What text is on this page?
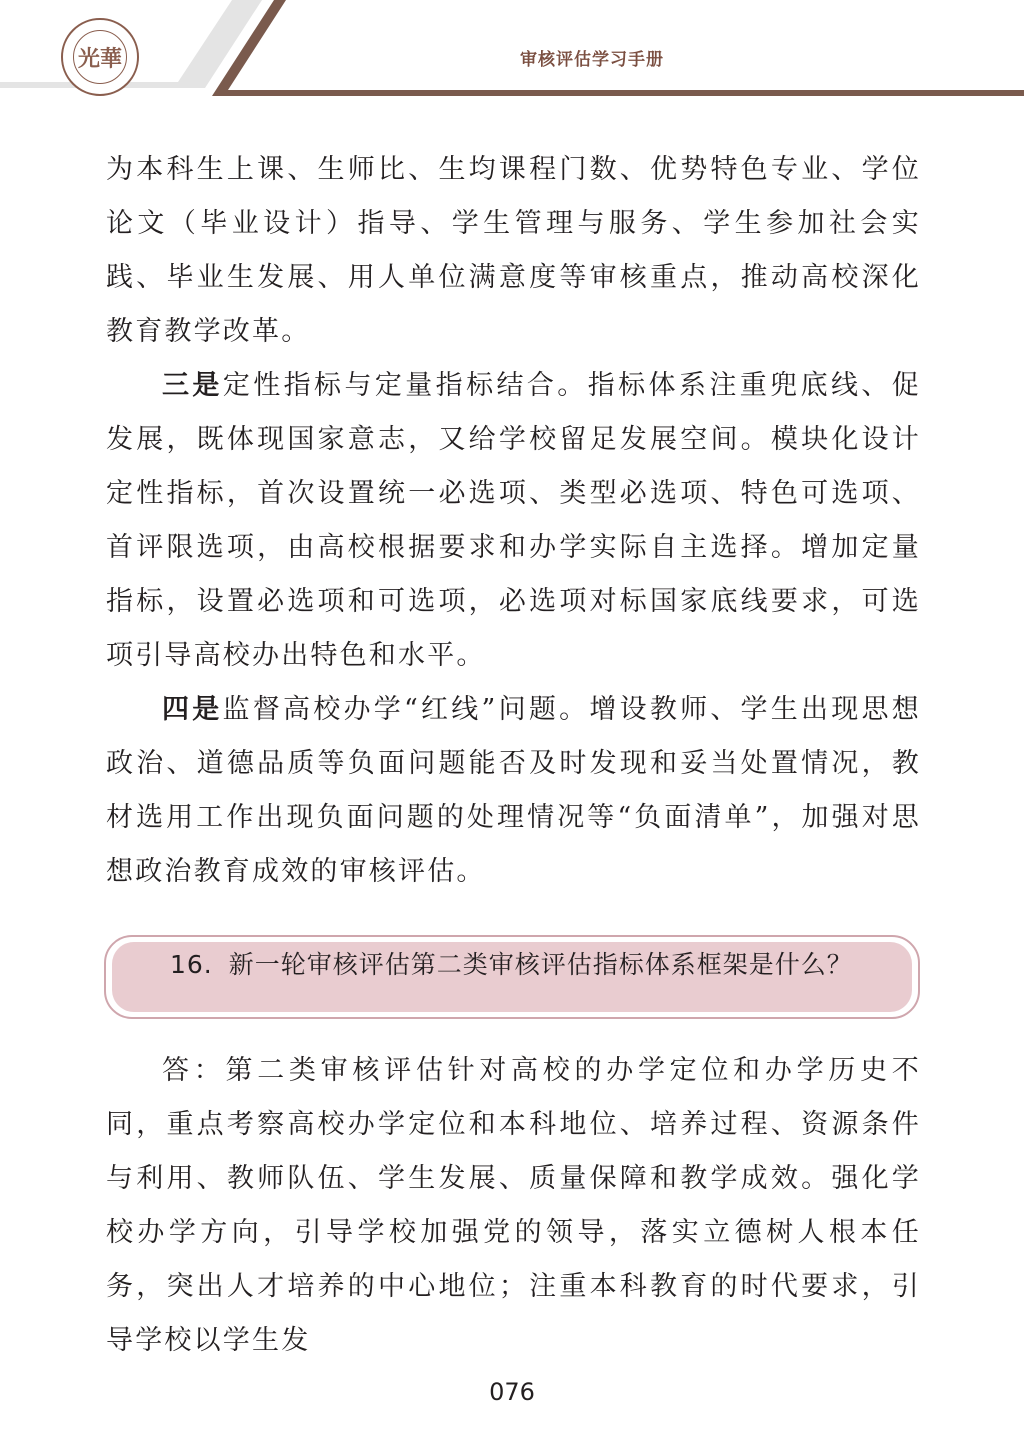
光華	审核评估学习手册

为本科生上课、生师比、生均课程门数、优势特色专业、学位论文（毕业设计）指导、学生管理与服务、学生参加社会实践、毕业生发展、用人单位满意度等审核重点，推动高校深化教育教学改革。

三是定性指标与定量指标结合。指标体系注重兜底线、促发展，既体现国家意志，又给学校留足发展空间。模块化设计定性指标，首次设置统一必选项、类型必选项、特色可选项、首评限选项，由高校根据要求和办学实际自主选择。增加定量指标，设置必选项和可选项，必选项对标国家底线要求，可选项引导高校办出特色和水平。

四是监督高校办学“红线”问题。增设教师、学生出现思想政治、道德品质等负面问题能否及时发现和妥当处置情况，教材选用工作出现负面问题的处理情况等“负面清单”，加强对思想政治教育成效的审核评估。

16. 新一轮审核评估第二类审核评估指标体系框架是什么？

答：第二类审核评估针对高校的办学定位和办学历史不同，重点考察高校办学定位和本科地位、培养过程、资源条件与利用、教师队伍、学生发展、质量保障和教学成效。强化学校办学方向，引导学校加强党的领导，落实立德树人根本任务，突出人才培养的中心地位；注重本科教育的时代要求，引导学校以学生发

076
